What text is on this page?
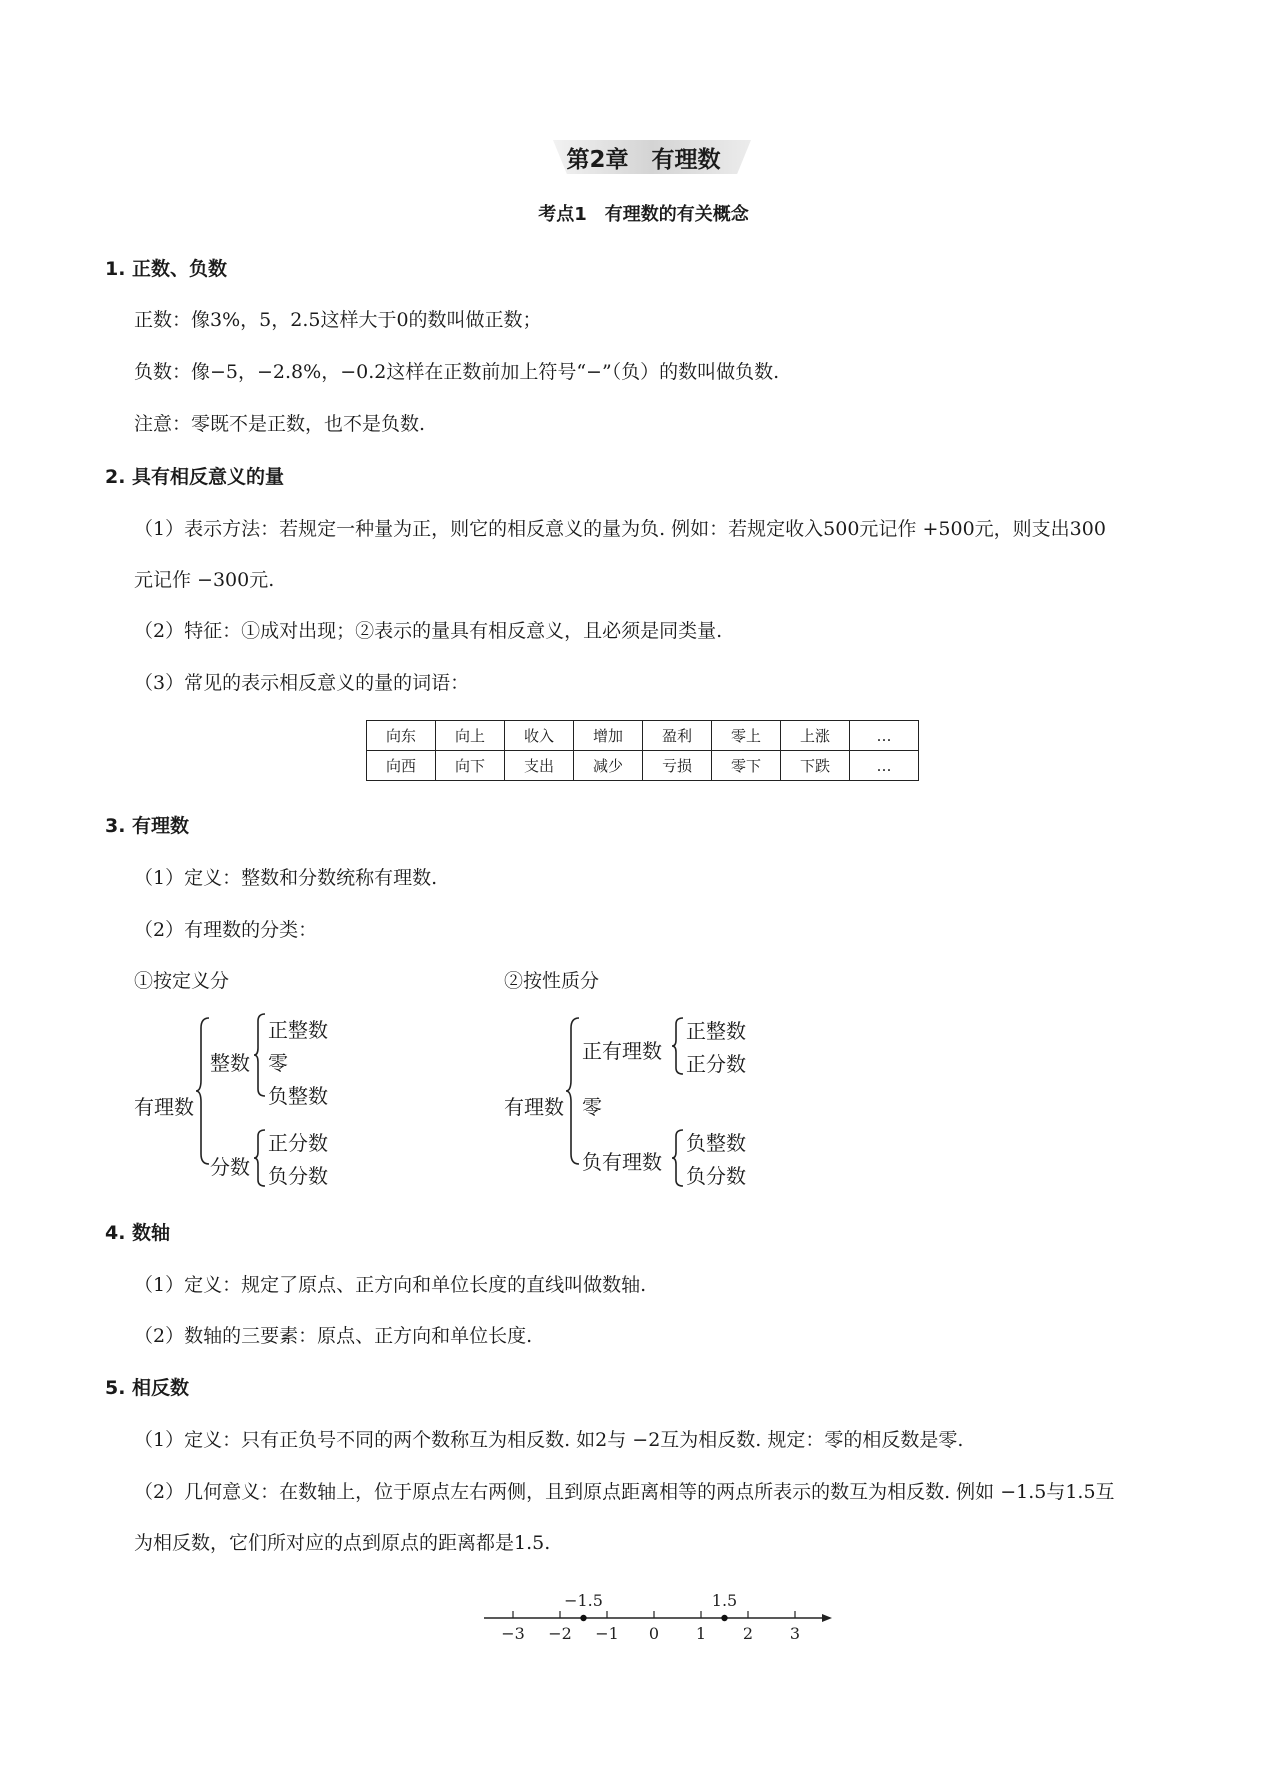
第2章　有理数
考点1　有理数的有关概念
1. 正数、负数
正数：像3%，5，2.5这样大于0的数叫做正数；
负数：像−5，−2.8%，−0.2这样在正数前加上符号“−”（负）的数叫做负数.
注意：零既不是正数，也不是负数.
2. 具有相反意义的量
（1）表示方法：若规定一种量为正，则它的相反意义的量为负. 例如：若规定收入500元记作 +500元，则支出300
元记作 −300元.
（2）特征：①成对出现；②表示的量具有相反意义，且必须是同类量.
（3）常见的表示相反意义的量的词语：
向东	向上	收入	增加	盈利	零上	上涨	…
向西	向下	支出	减少	亏损	零下	下跌	…
3. 有理数
（1）定义：整数和分数统称有理数.
（2）有理数的分类：
①按定义分	②按性质分
有理数
整数
正整数
零
负整数
分数
正分数
负分数
有理数
正有理数
正整数
正分数
零
负有理数
负整数
负分数
4. 数轴
（1）定义：规定了原点、正方向和单位长度的直线叫做数轴.
（2）数轴的三要素：原点、正方向和单位长度.
5. 相反数
（1）定义：只有正负号不同的两个数称互为相反数. 如2与 −2互为相反数. 规定：零的相反数是零.
（2）几何意义：在数轴上，位于原点左右两侧，且到原点距离相等的两点所表示的数互为相反数. 例如 −1.5与1.5互
为相反数，它们所对应的点到原点的距离都是1.5.
−3 −2 −1 0 1 2 3
−1.5	1.5
